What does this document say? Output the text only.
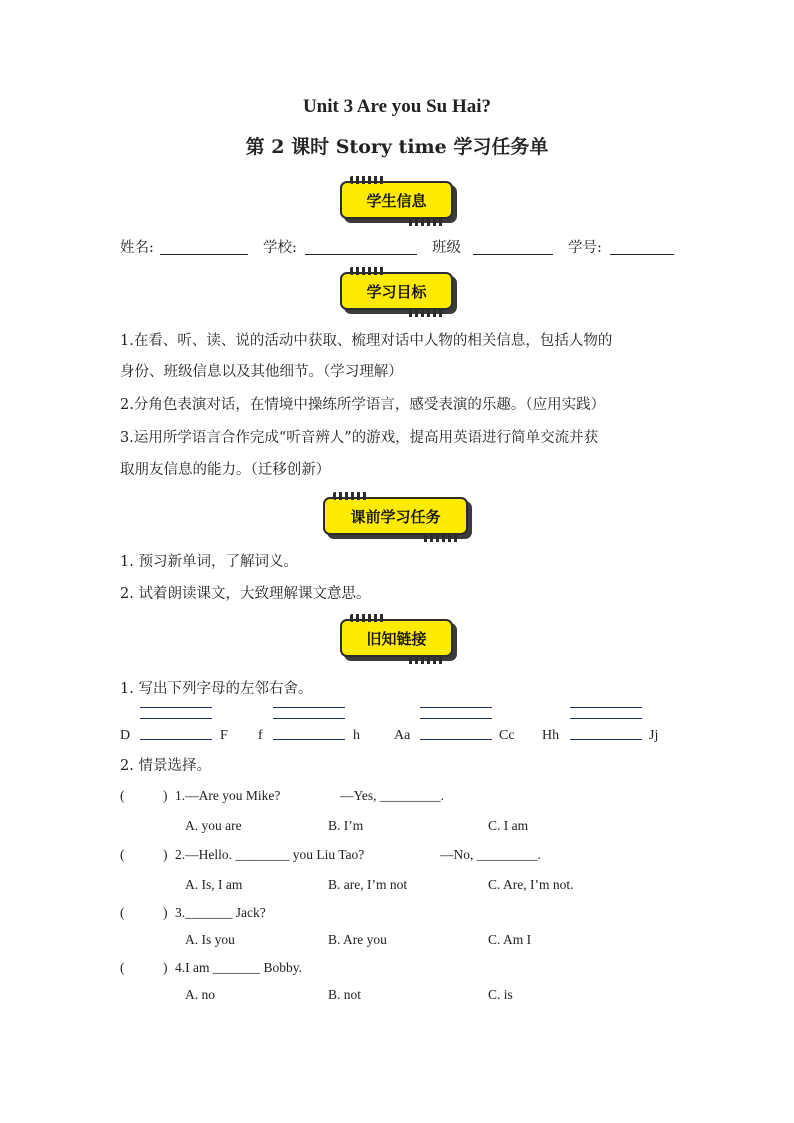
Unit 3 Are you Su Hai?
第 2 课时 Story time 学习任务单
学生信息
姓名:	学校:	班级	学号:
学习目标
1.在看、听、读、说的活动中获取、梳理对话中人物的相关信息，包括人物的
身份、班级信息以及其他细节。（学习理解）
2.分角色表演对话，在情境中操练所学语言，感受表演的乐趣。（应用实践）
3.运用所学语言合作完成“听音辨人”的游戏，提高用英语进行简单交流并获
取朋友信息的能力。（迁移创新）
课前学习任务
1. 预习新单词，了解词义。
2. 试着朗读课文，大致理解课文意思。
旧知链接
1. 写出下列字母的左邻右舍。
D	F f	h Aa	Cc Hh	Jj
2. 情景选择。
(	) 1.—Are you Mike?	—Yes, _________.
A. you are	B. I’m	C. I am
(	) 2.—Hello. ________ you Liu Tao?	—No, _________.
A. Is, I am	B. are, I’m not	C. Are, I’m not.
(	) 3._______ Jack?
A. Is you	B. Are you	C. Am I
(	) 4.I am _______ Bobby.
A. no	B. not	C. is
